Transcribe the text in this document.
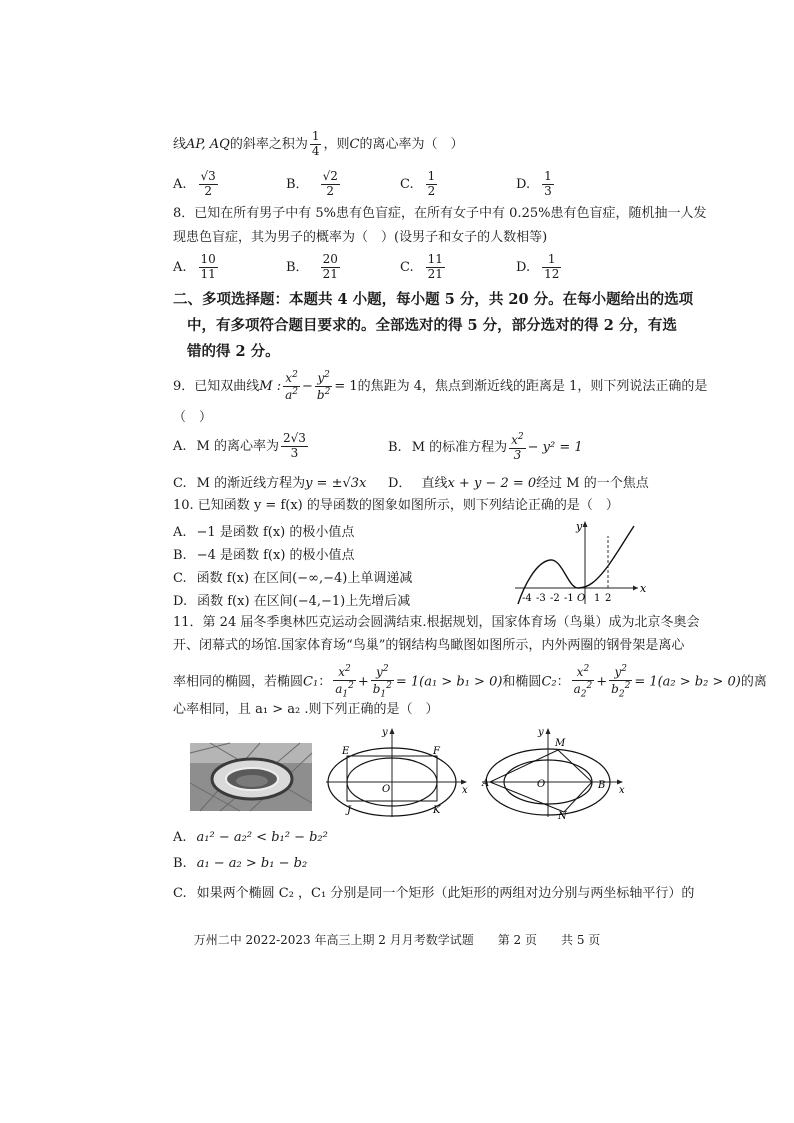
线AP, AQ的斜率之积为 $\frac{1}{4}$ ，则C的离心率为（　）
A. $\frac{√3}{2}$	B． $\frac{√2}{2}$	C. $\frac{1}{2}$	D. $\frac{1}{3}$
8．已知在所有男子中有 5%患有色盲症，在所有女子中有 0.25%患有色盲症，随机抽一人发
现患色盲症，其为男子的概率为（　）(设男子和女子的人数相等)
A. $\frac{10}{11}$	B． $\frac{20}{21}$	C. $\frac{11}{21}$	D. $\frac{1}{12}$
二、多项选择题：本题共 4 小题，每小题 5 分，共 20 分。在每小题给出的选项
中，有多项符合题目要求的。全部选对的得 5 分，部分选对的得 2 分，有选
错的得 2 分。
9．已知双曲线M : $\frac{x^2}{a^2} - \frac{y^2}{b^2} = 1$的焦距为 4，焦点到渐近线的距离是 1，则下列说法正确的是
（　）
A. M 的离心率为 $\frac{2√3}{3}$	B. M 的标准方程为 $\frac{x^2}{3} - y^2 = 1$
C. M 的渐近线方程为y = ±√3x D． 直线x + y − 2 = 0经过 M 的一个焦点
10. 已知函数 y = f(x) 的导函数的图象如图所示，则下列结论正确的是（　）
A. −1 是函数 f(x) 的极小值点
B. −4 是函数 f(x) 的极小值点
C. 函数 f(x) 在区间(−∞,−4)上单调递减
D. 函数 f(x) 在区间(−4,−1)上先增后减
x
y
-4 -3 -2 -1 O 1 2
11．第 24 届冬季奥林匹克运动会圆满结束.根据规划，国家体育场（鸟巢）成为北京冬奥会
开、闭幕式的场馆.国家体育场“鸟巢”的钢结构鸟瞰图如图所示，内外两圈的钢骨架是离心
率相同的椭圆，若椭圆C₁： $\frac{x^2}{a_1^2} + \frac{y^2}{b_1^2} = 1(a_1 > b_1 > 0)$和椭圆C₂： $\frac{x^2}{a_2^2} + \frac{y^2}{b_2^2} = 1(a_2 > b_2 > 0)$的离
心率相同，且 a₁ > a₂ .则下列正确的是（　）
E	F
J	K
O	x
y
A	B
M
N
O
x
y
A. a₁² − a₂² < b₁² − b₂²
B. a₁ − a₂ > b₁ − b₂
C. 如果两个椭圆 C₂ ，C₁ 分别是同一个矩形（此矩形的两组对边分别与两坐标轴平行）的
万州二中 2022-2023 年高三上期 2 月月考数学试题　　第 2 页　　共 5 页
